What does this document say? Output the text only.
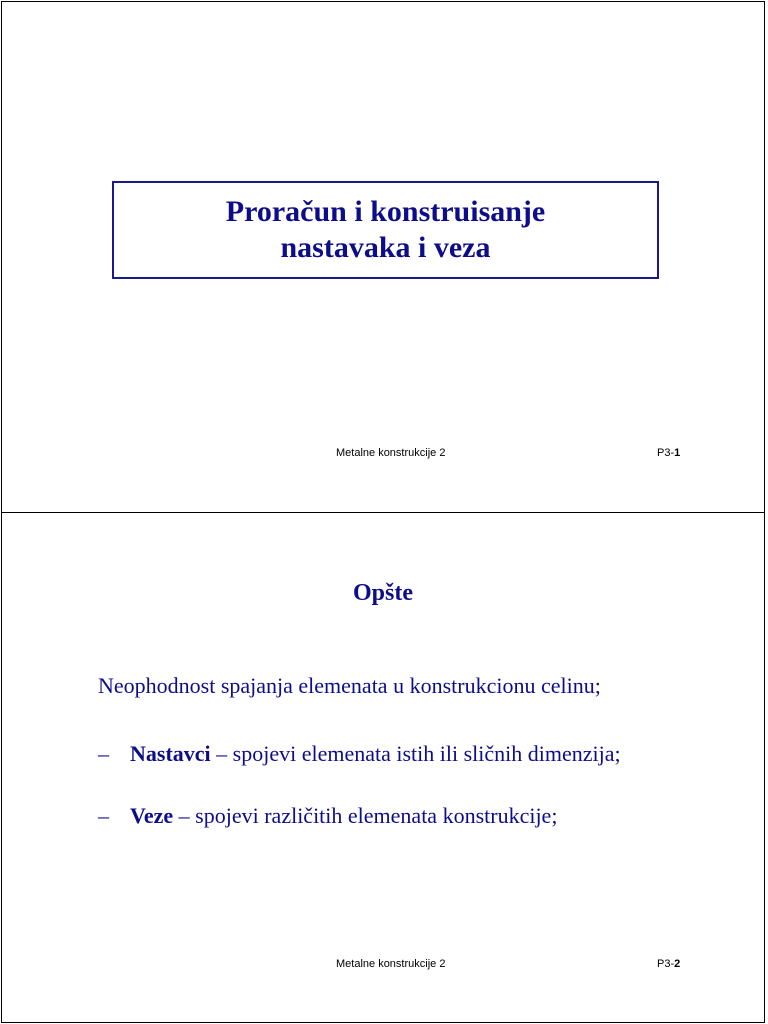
Proračun i konstruisanje
nastavaka i veza
Metalne konstrukcije 2	P3-1
Opšte
Neophodnost spajanja elemenata u konstrukcionu celinu;
– Nastavci – spojevi elemenata istih ili sličnih dimenzija;
– Veze – spojevi različitih elemenata konstrukcije;
Metalne konstrukcije 2	P3-2
